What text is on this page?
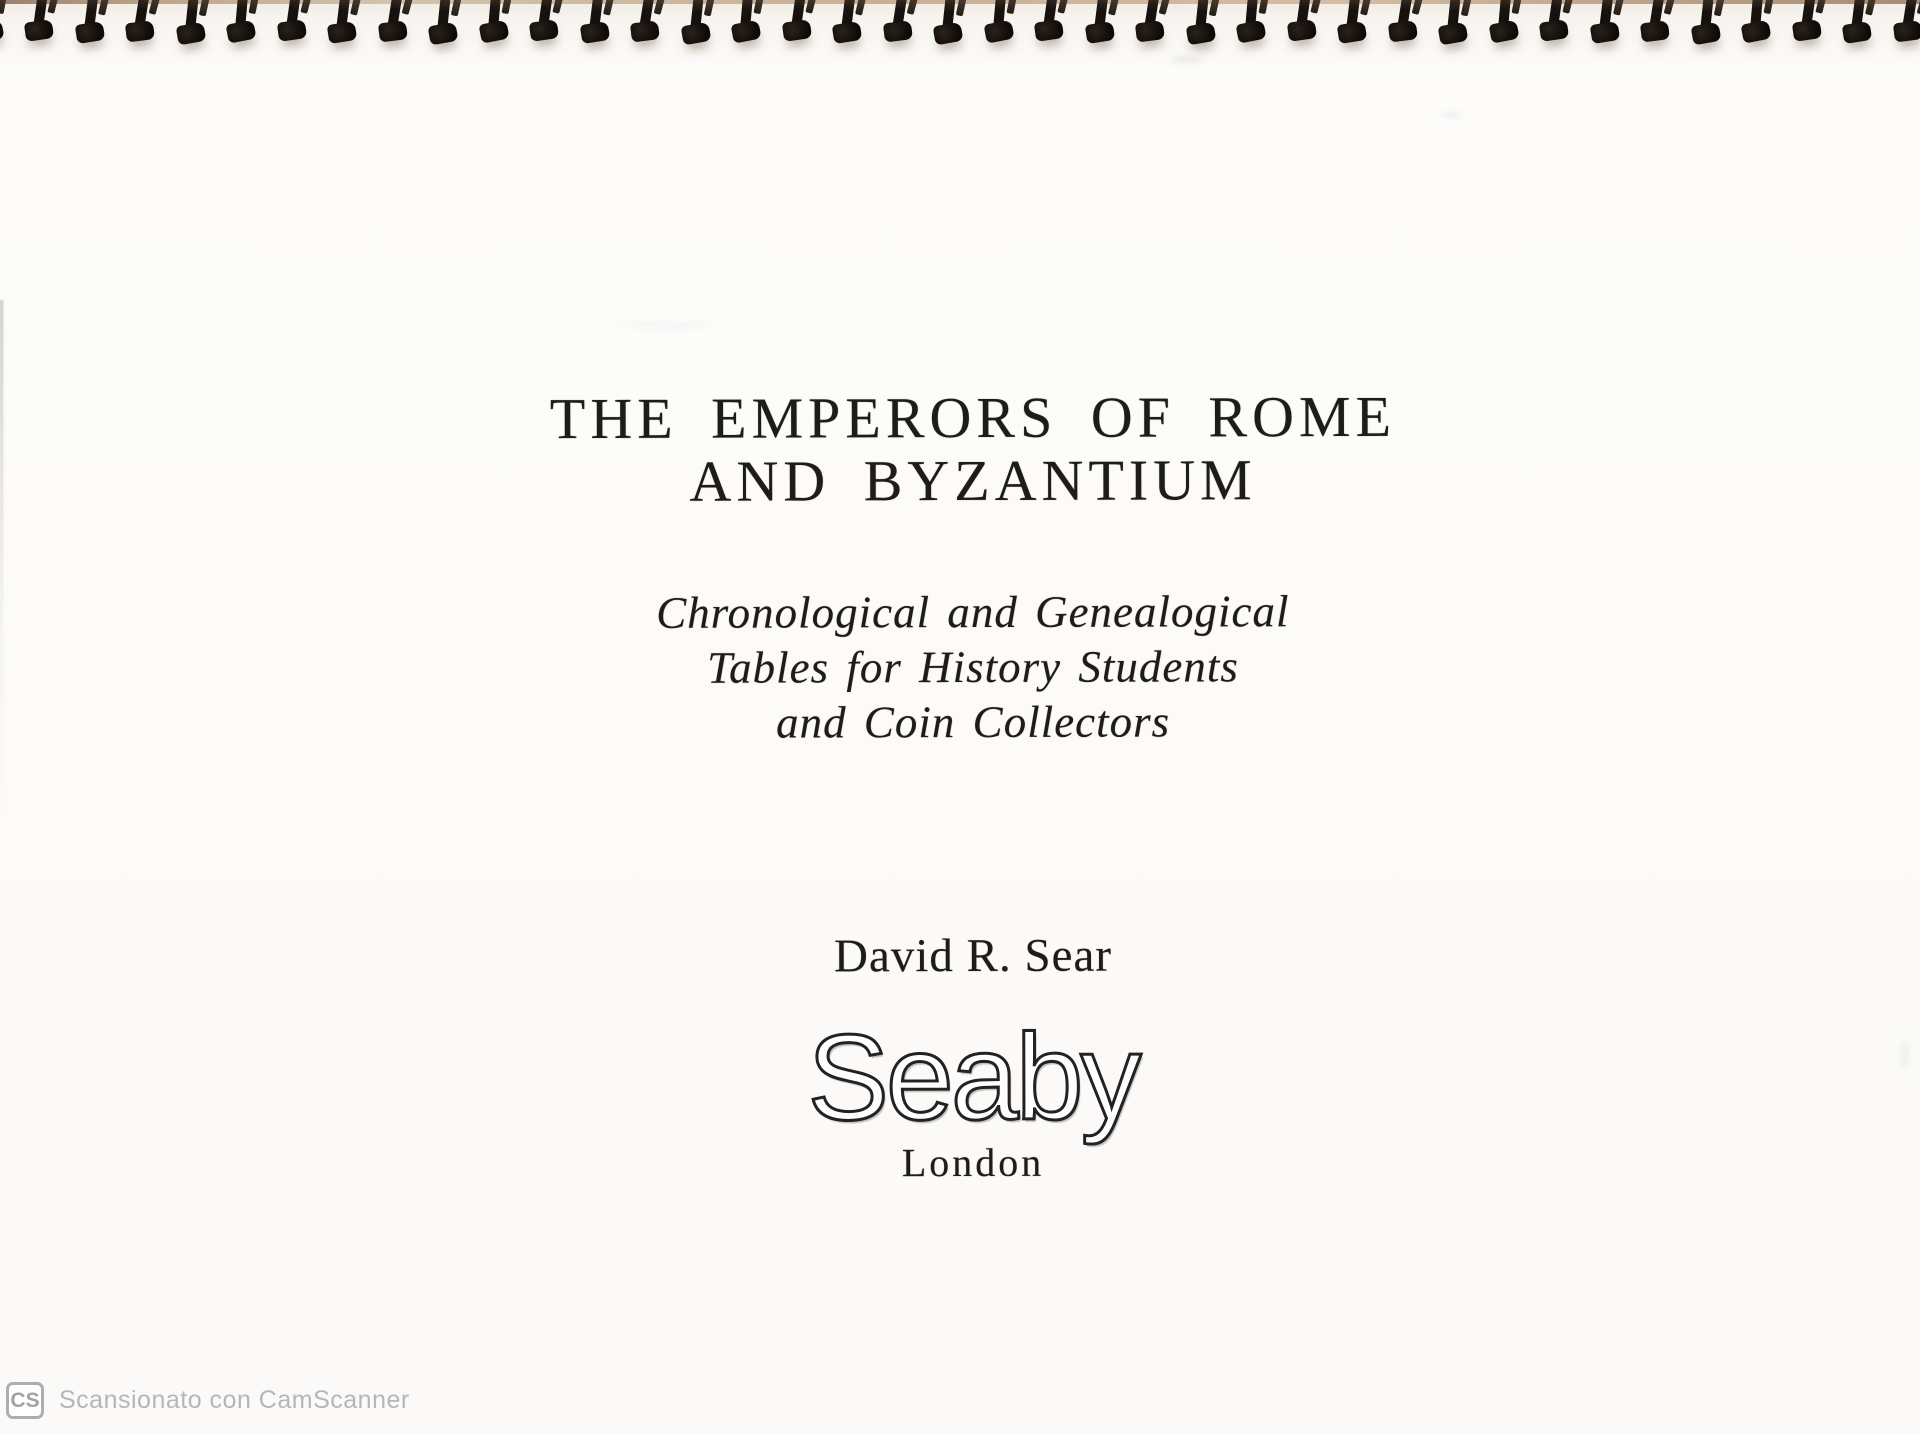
THE EMPERORS OF ROME
AND BYZANTIUM
Chronological and Genealogical
Tables for History Students
and Coin Collectors
David R. Sear
Seaby
London
CS Scansionato con CamScanner
